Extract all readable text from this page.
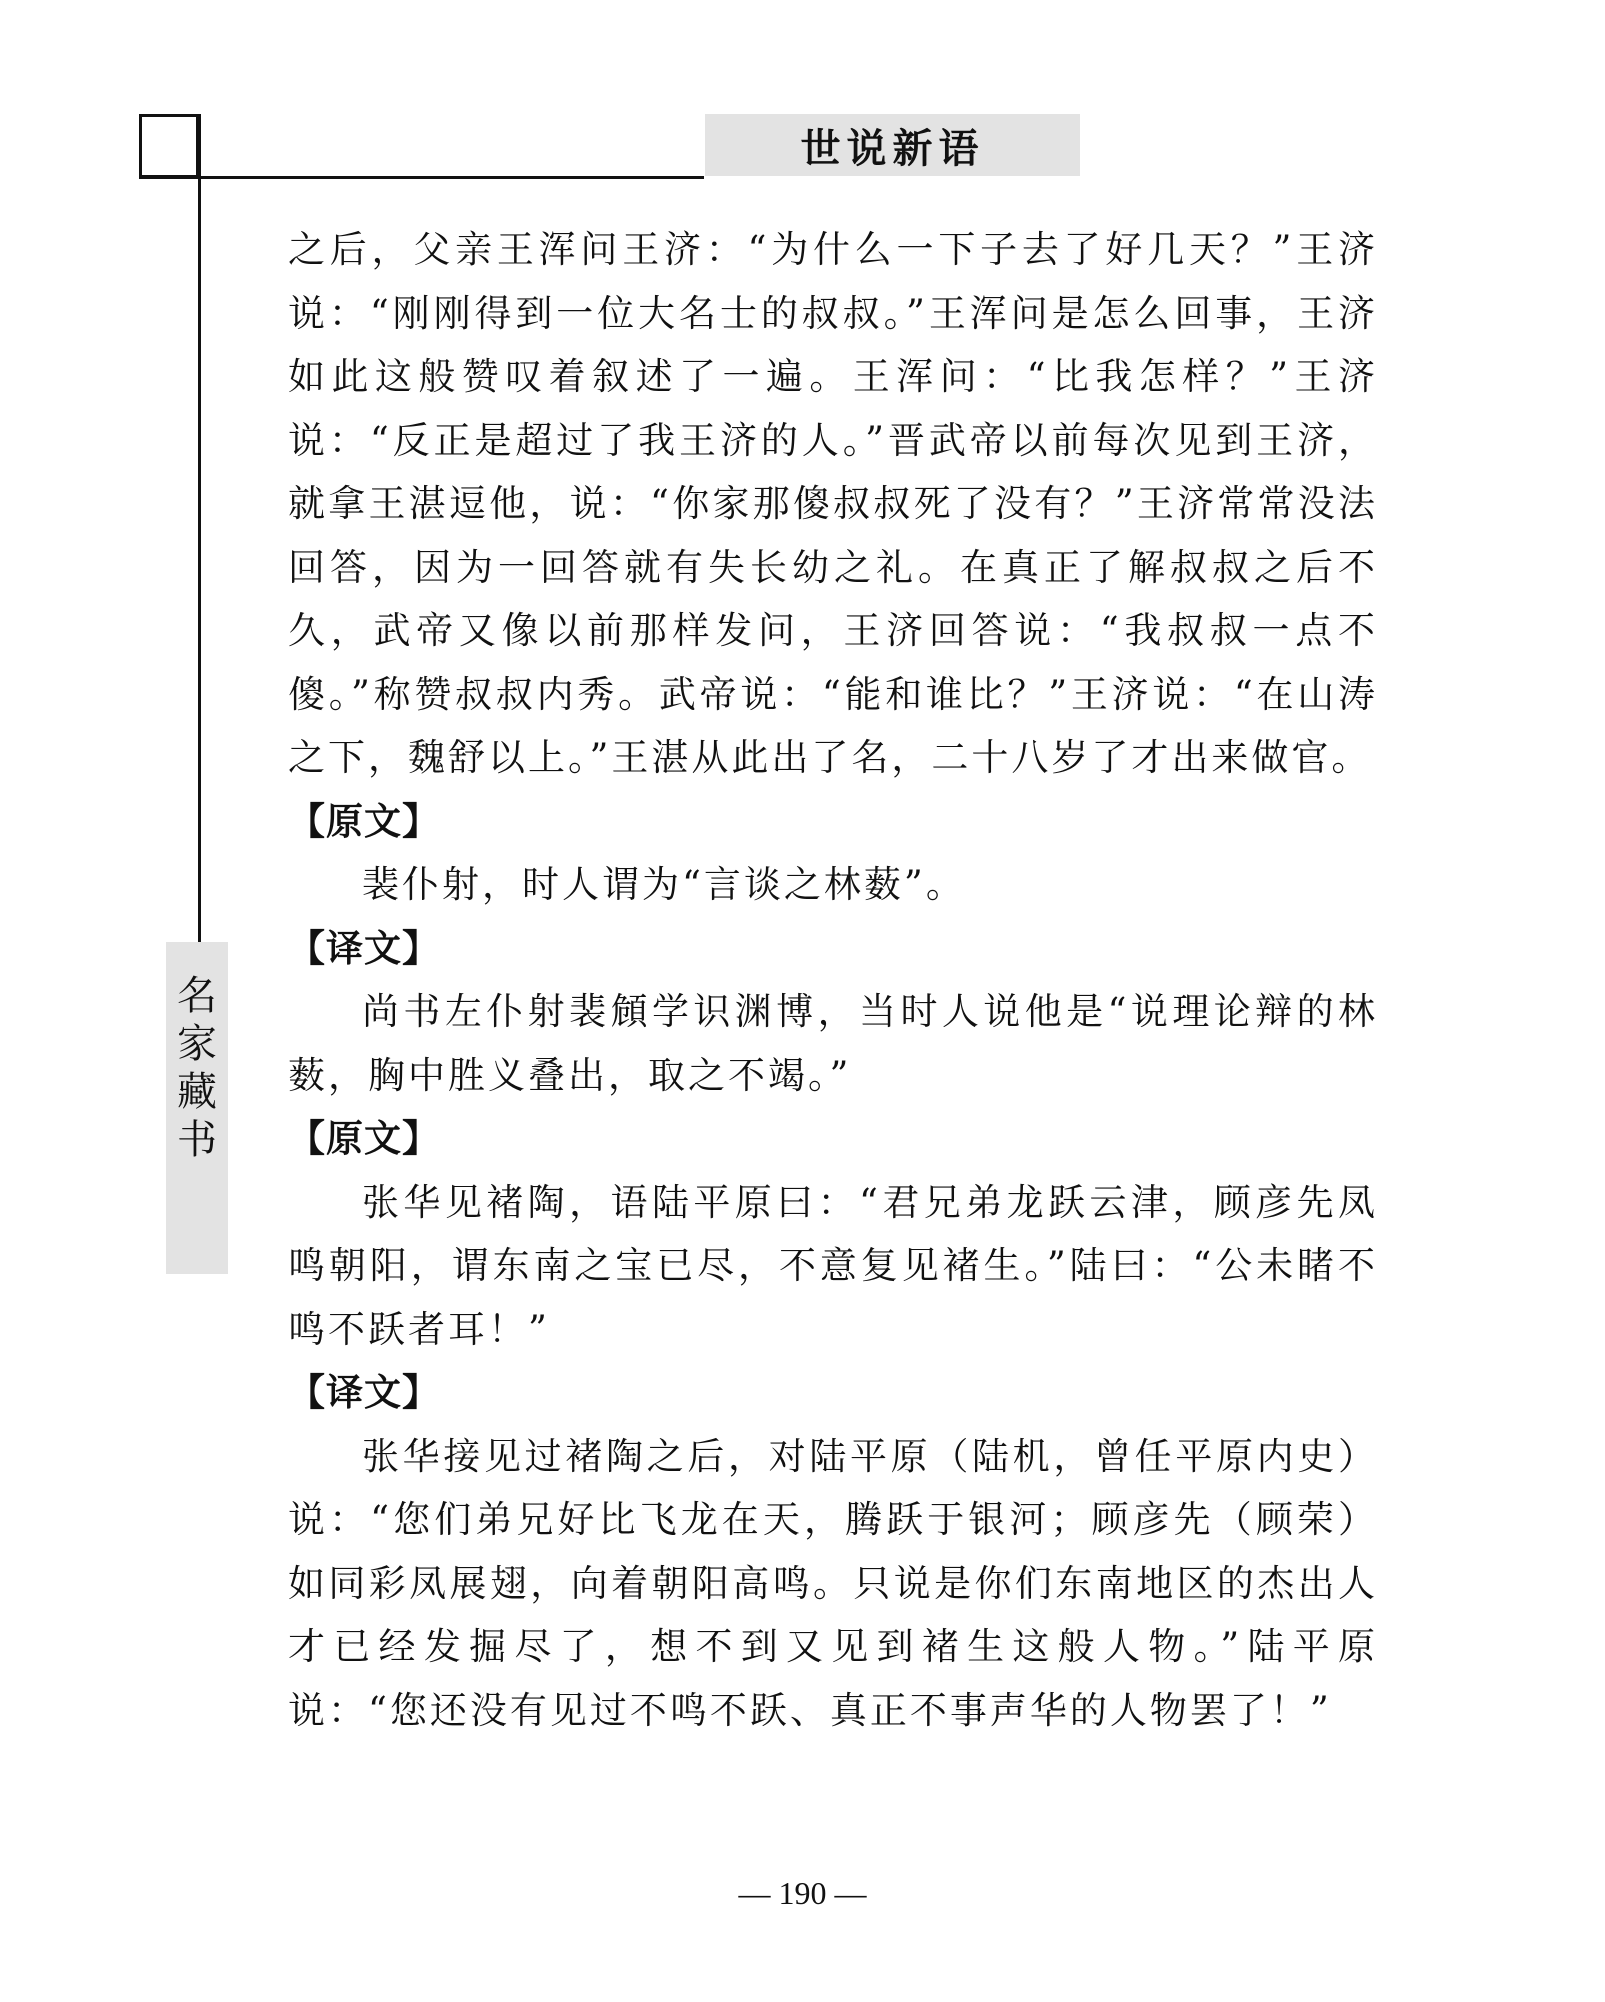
世说新语
名家藏书

之后，父亲王浑问王济：“为什么一下子去了好几天？”王济说：“刚刚得到一位大名士的叔叔。”王浑问是怎么回事，王济如此这般赞叹着叙述了一遍。王浑问：“比我怎样？”王济说：“反正是超过了我王济的人。”晋武帝以前每次见到王济，就拿王湛逗他，说：“你家那傻叔叔死了没有？”王济常常没法回答，因为一回答就有失长幼之礼。在真正了解叔叔之后不久，武帝又像以前那样发问，王济回答说：“我叔叔一点不傻。”称赞叔叔内秀。武帝说：“能和谁比？”王济说：“在山涛之下，魏舒以上。”王湛从此出了名，二十八岁了才出来做官。

【原文】

裴仆射，时人谓为“言谈之林薮”。

【译文】

尚书左仆射裴頠学识渊博，当时人说他是“说理论辩的林薮，胸中胜义叠出，取之不竭。”

【原文】

张华见褚陶，语陆平原曰：“君兄弟龙跃云津，顾彦先凤鸣朝阳，谓东南之宝已尽，不意复见褚生。”陆曰：“公未睹不鸣不跃者耳！”

【译文】

张华接见过褚陶之后，对陆平原（陆机，曾任平原内史）说：“您们弟兄好比飞龙在天，腾跃于银河；顾彦先（顾荣）如同彩凤展翅，向着朝阳高鸣。只说是你们东南地区的杰出人才已经发掘尽了，想不到又见到褚生这般人物。”陆平原说：“您还没有见过不鸣不跃、真正不事声华的人物罢了！”

— 190 —
